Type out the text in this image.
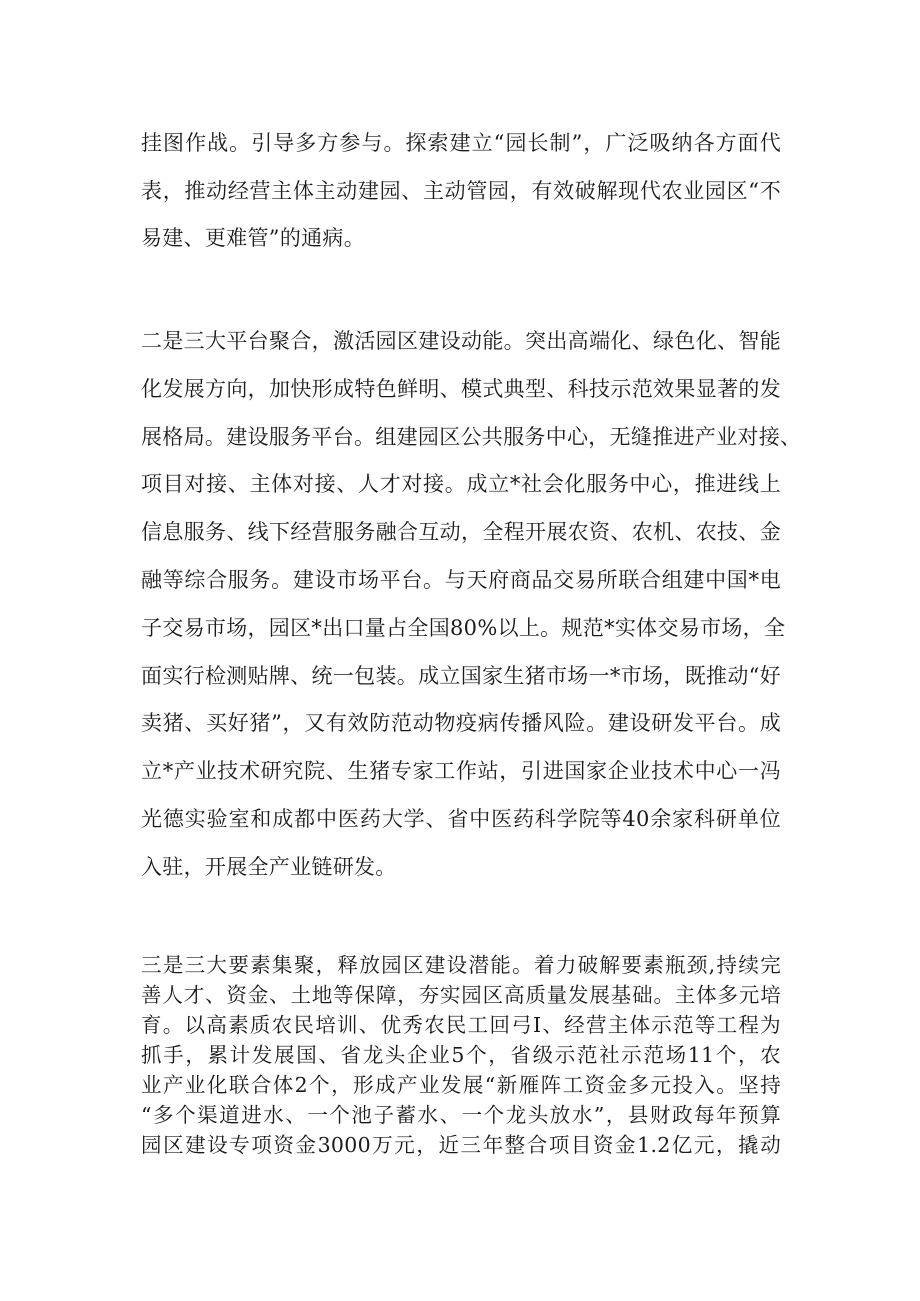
挂图作战。引导多方参与。探索建立“园长制”，广泛吸纳各方面代
表，推动经营主体主动建园、主动管园，有效破解现代农业园区“不
易建、更难管”的通病。
二是三大平台聚合，激活园区建设动能。突出高端化、绿色化、智能
化发展方向，加快形成特色鲜明、模式典型、科技示范效果显著的发
展格局。建设服务平台。组建园区公共服务中心，无缝推进产业对接、
项目对接、主体对接、人才对接。成立*社会化服务中心，推进线上
信息服务、线下经营服务融合互动，全程开展农资、农机、农技、金
融等综合服务。建设市场平台。与天府商品交易所联合组建中国*电
子交易市场，园区*出口量占全国80%以上。规范*实体交易市场，全
面实行检测贴牌、统一包装。成立国家生猪市场一*市场，既推动“好
卖猪、买好猪”，又有效防范动物疫病传播风险。建设研发平台。成
立*产业技术研究院、生猪专家工作站，引进国家企业技术中心一冯
光德实验室和成都中医药大学、省中医药科学院等40余家科研单位
入驻，开展全产业链研发。
三是三大要素集聚，释放园区建设潜能。着力破解要素瓶颈,持续完
善人才、资金、土地等保障，夯实园区高质量发展基础。主体多元培
育。以高素质农民培训、优秀农民工回弓I、经营主体示范等工程为
抓手，累计发展国、省龙头企业5个，省级示范社示范场11个，农
业产业化联合体2个，形成产业发展“新雁阵工资金多元投入。坚持
“多个渠道进水、一个池子蓄水、一个龙头放水”，县财政每年预算
园区建设专项资金3000万元，近三年整合项目资金1.2亿元，撬动
